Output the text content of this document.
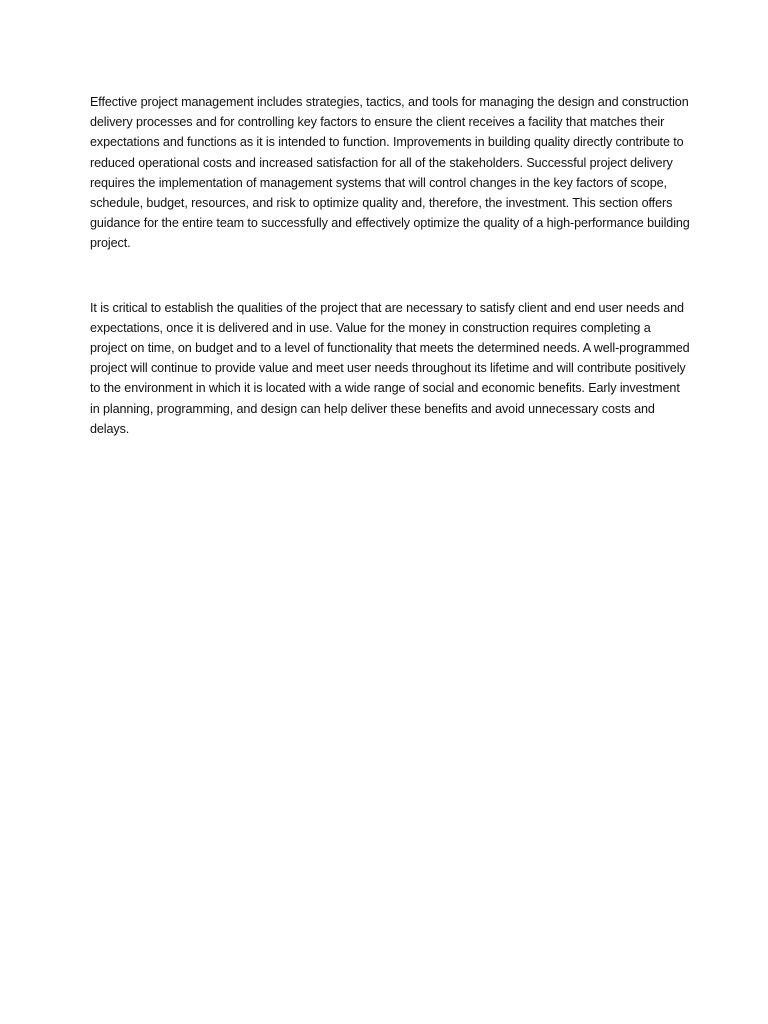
Effective project management includes strategies, tactics, and tools for managing the design and construction delivery processes and for controlling key factors to ensure the client receives a facility that matches their expectations and functions as it is intended to function. Improvements in building quality directly contribute to reduced operational costs and increased satisfaction for all of the stakeholders. Successful project delivery requires the implementation of management systems that will control changes in the key factors of scope, schedule, budget, resources, and risk to optimize quality and, therefore, the investment. This section offers guidance for the entire team to successfully and effectively optimize the quality of a high-performance building project.

It is critical to establish the qualities of the project that are necessary to satisfy client and end user needs and expectations, once it is delivered and in use. Value for the money in construction requires completing a project on time, on budget and to a level of functionality that meets the determined needs. A well-programmed project will continue to provide value and meet user needs throughout its lifetime and will contribute positively to the environment in which it is located with a wide range of social and economic benefits. Early investment in planning, programming, and design can help deliver these benefits and avoid unnecessary costs and delays.
